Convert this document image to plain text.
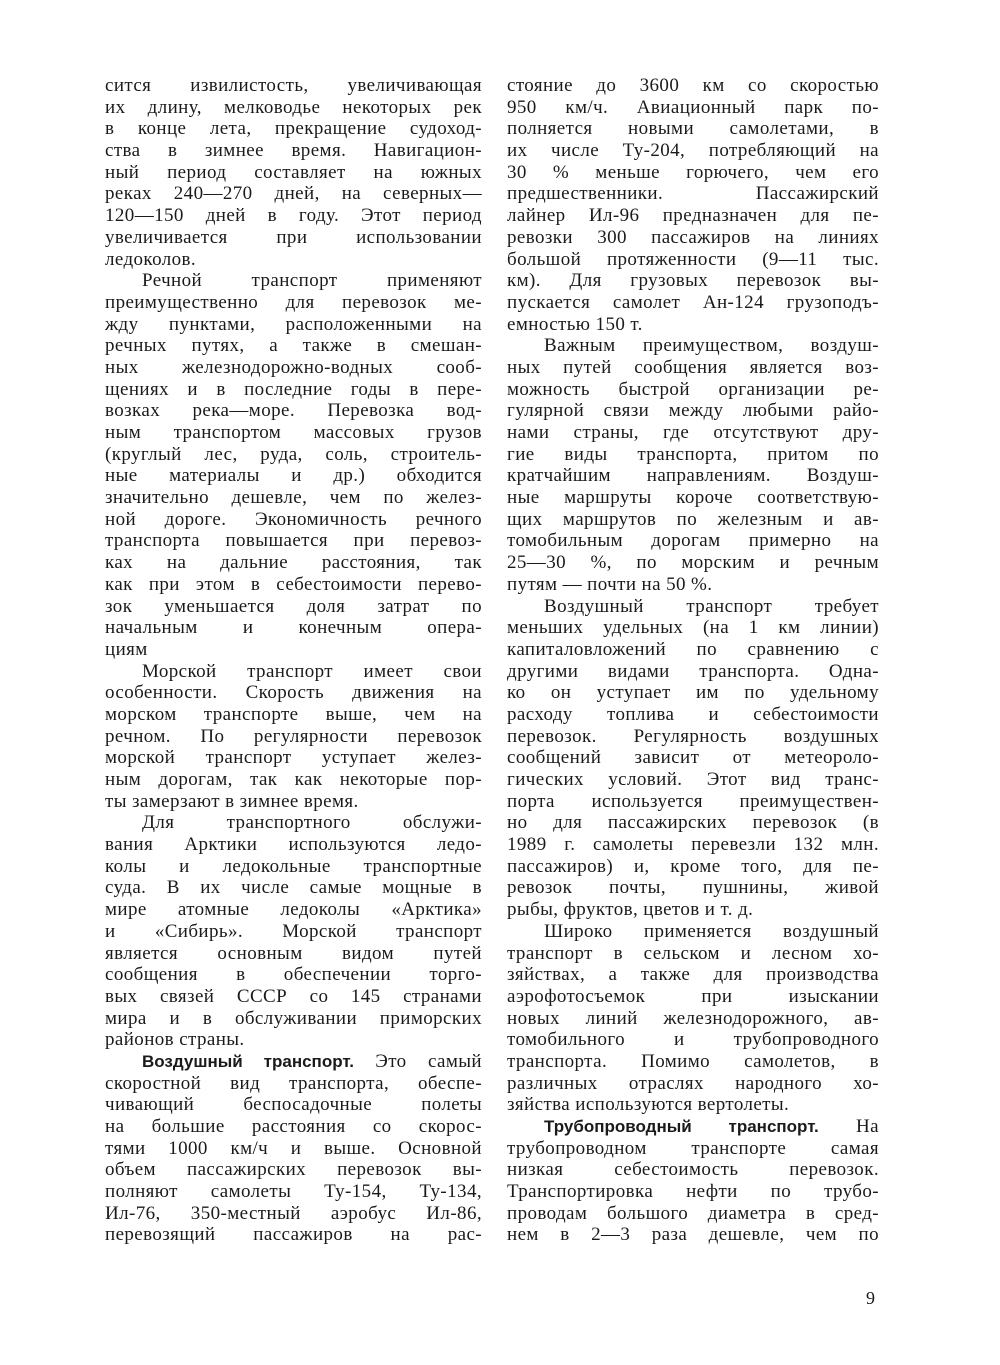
сится извилистость, увеличивающая
их длину, мелководье некоторых рек
в конце лета, прекращение судоход-
ства в зимнее время. Навигацион-
ный период составляет на южных
реках 240—270 дней, на северных—
120—150 дней в году. Этот период
увеличивается при использовании
ледоколов.
Речной транспорт применяют
преимущественно для перевозок ме-
жду пунктами, расположенными на
речных путях, а также в смешан-
ных железнодорожно-водных сооб-
щениях и в последние годы в пере-
возках река—море. Перевозка вод-
ным транспортом массовых грузов
(круглый лес, руда, соль, строитель-
ные материалы и др.) обходится
значительно дешевле, чем по желез-
ной дороге. Экономичность речного
транспорта повышается при перевоз-
ках на дальние расстояния, так
как при этом в себестоимости перево-
зок уменьшается доля затрат по
начальным и конечным опера-
циям
Морской транспорт имеет свои
особенности. Скорость движения на
морском транспорте выше, чем на
речном. По регулярности перевозок
морской транспорт уступает желез-
ным дорогам, так как некоторые пор-
ты замерзают в зимнее время.
Для транспортного обслужи-
вания Арктики используются ледо-
колы и ледокольные транспортные
суда. В их числе самые мощные в
мире атомные ледоколы «Арктика»
и «Сибирь». Морской транспорт
является основным видом путей
сообщения в обеспечении торго-
вых связей СССР со 145 странами
мира и в обслуживании приморских
районов страны.
Воздушный транспорт. Это самый
скоростной вид транспорта, обеспе-
чивающий беспосадочные полеты
на большие расстояния со скорос-
тями 1000 км/ч и выше. Основной
объем пассажирских перевозок вы-
полняют самолеты Ту-154, Ту-134,
Ил-76, 350-местный аэробус Ил-86,
перевозящий пассажиров на рас-
стояние до 3600 км со скоростью
950 км/ч. Авиационный парк по-
полняется новыми самолетами, в
их числе Ту-204, потребляющий на
30 % меньше горючего, чем его
предшественники. Пассажирский
лайнер Ил-96 предназначен для пе-
ревозки 300 пассажиров на линиях
большой протяженности (9—11 тыс.
км). Для грузовых перевозок вы-
пускается самолет Ан-124 грузоподъ-
емностью 150 т.
Важным преимуществом, воздуш-
ных путей сообщения является воз-
можность быстрой организации ре-
гулярной связи между любыми райо-
нами страны, где отсутствуют дру-
гие виды транспорта, притом по
кратчайшим направлениям. Воздуш-
ные маршруты короче соответствую-
щих маршрутов по железным и ав-
томобильным дорогам примерно на
25—30 %, по морским и речным
путям — почти на 50 %.
Воздушный транспорт требует
меньших удельных (на 1 км линии)
капиталовложений по сравнению с
другими видами транспорта. Одна-
ко он уступает им по удельному
расходу топлива и себестоимости
перевозок. Регулярность воздушных
сообщений зависит от метеороло-
гических условий. Этот вид транс-
порта используется преимуществен-
но для пассажирских перевозок (в
1989 г. самолеты перевезли 132 млн.
пассажиров) и, кроме того, для пе-
ревозок почты, пушнины, живой
рыбы, фруктов, цветов и т. д.
Широко применяется воздушный
транспорт в сельском и лесном хо-
зяйствах, а также для производства
аэрофотосъемок при изыскании
новых линий железнодорожного, ав-
томобильного и трубопроводного
транспорта. Помимо самолетов, в
различных отраслях народного хо-
зяйства используются вертолеты.
Трубопроводный транспорт. На
трубопроводном транспорте самая
низкая себестоимость перевозок.
Транспортировка нефти по трубо-
проводам большого диаметра в сред-
нем в 2—3 раза дешевле, чем по
9
